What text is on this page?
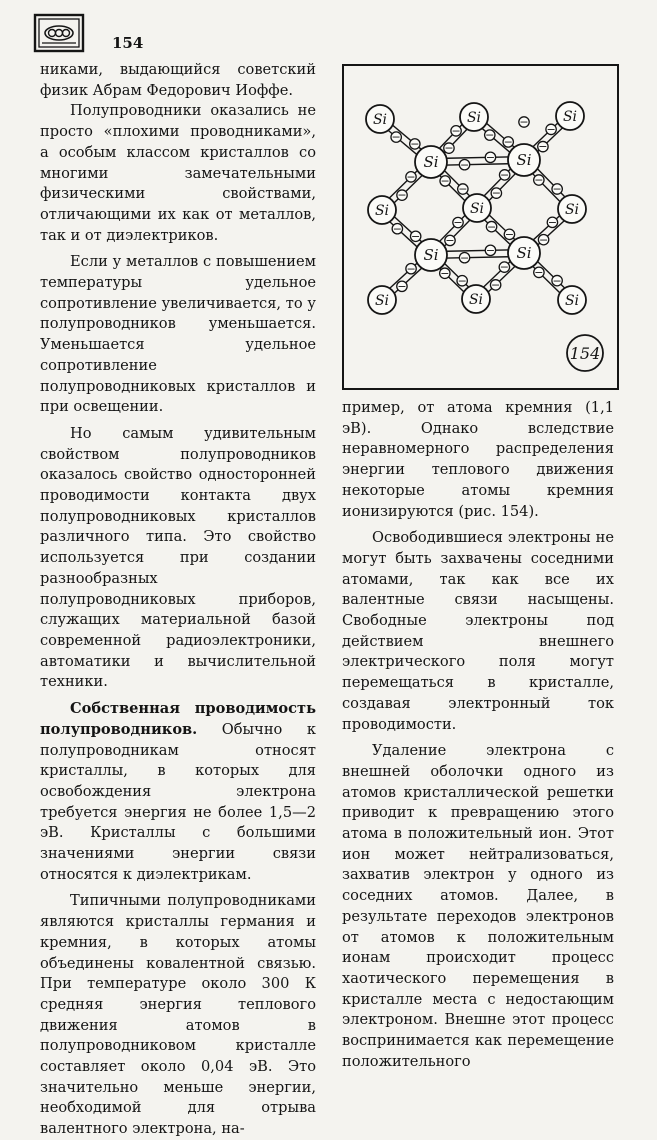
154

никами, выдающийся советский физик Абрам Федорович Иоффе.

Полупроводники оказались не просто «плохими проводниками», а особым классом кристаллов со многими замечательными физическими свойствами, отличающими их как от металлов, так и от диэлектриков.

Если у металлов с повышением температуры удельное сопротивление увеличивается, то у полупроводников уменьшается. Уменьшается удельное сопротивление полупроводниковых кристаллов и при освещении.

Но самым удивительным свойством полупроводников оказалось свойство односторонней проводимости контакта двух полупроводниковых кристаллов различного типа. Это свойство используется при создании разнообразных полупроводниковых приборов, служащих материальной базой современной радиоэлектроники, автоматики и вычислительной техники.

Собственная проводимость полупроводников. Обычно к полупроводникам относят кристаллы, в которых для освобождения электрона требуется энергия не более 1,5—2 эВ. Кристаллы с большими значениями энергии связи относятся к диэлектрикам.

Типичными полупроводниками являются кристаллы германия и кремния, в которых атомы объединены ковалентной связью. При температуре около 300 К средняя энергия теплового движения атомов в полупроводниковом кристалле составляет около 0,04 эВ. Это значительно меньше энергии, необходимой для отрыва валентного электрона, на-

−
−
−
−
−
−
−
−
−
−
−
−
−
−
−
−
−
−
−
−
−
−
−
−
−
−
−
−
−
−
−
−
−
−
−
−
−
Si	Si	Si
Si	Si
Si	Si	Si
Si	Si
Si	Si	Si
154

пример, от атома кремния (1,1 эВ). Однако вследствие неравномерного распределения энергии теплового движения некоторые атомы кремния ионизируются (рис. 154).

Освободившиеся электроны не могут быть захвачены соседними атомами, так как все их валентные связи насыщены. Свободные электроны под действием внешнего электрического поля могут перемещаться в кристалле, создавая электронный ток проводимости.

Удаление электрона с внешней оболочки одного из атомов кристаллической решетки приводит к превращению этого атома в положительный ион. Этот ион может нейтрализоваться, захватив электрон у одного из соседних атомов. Далее, в результате переходов электронов от атомов к положительным ионам происходит процесс хаотического перемещения в кристалле места с недостающим электроном. Внешне этот процесс воспринимается как перемещение положительного
